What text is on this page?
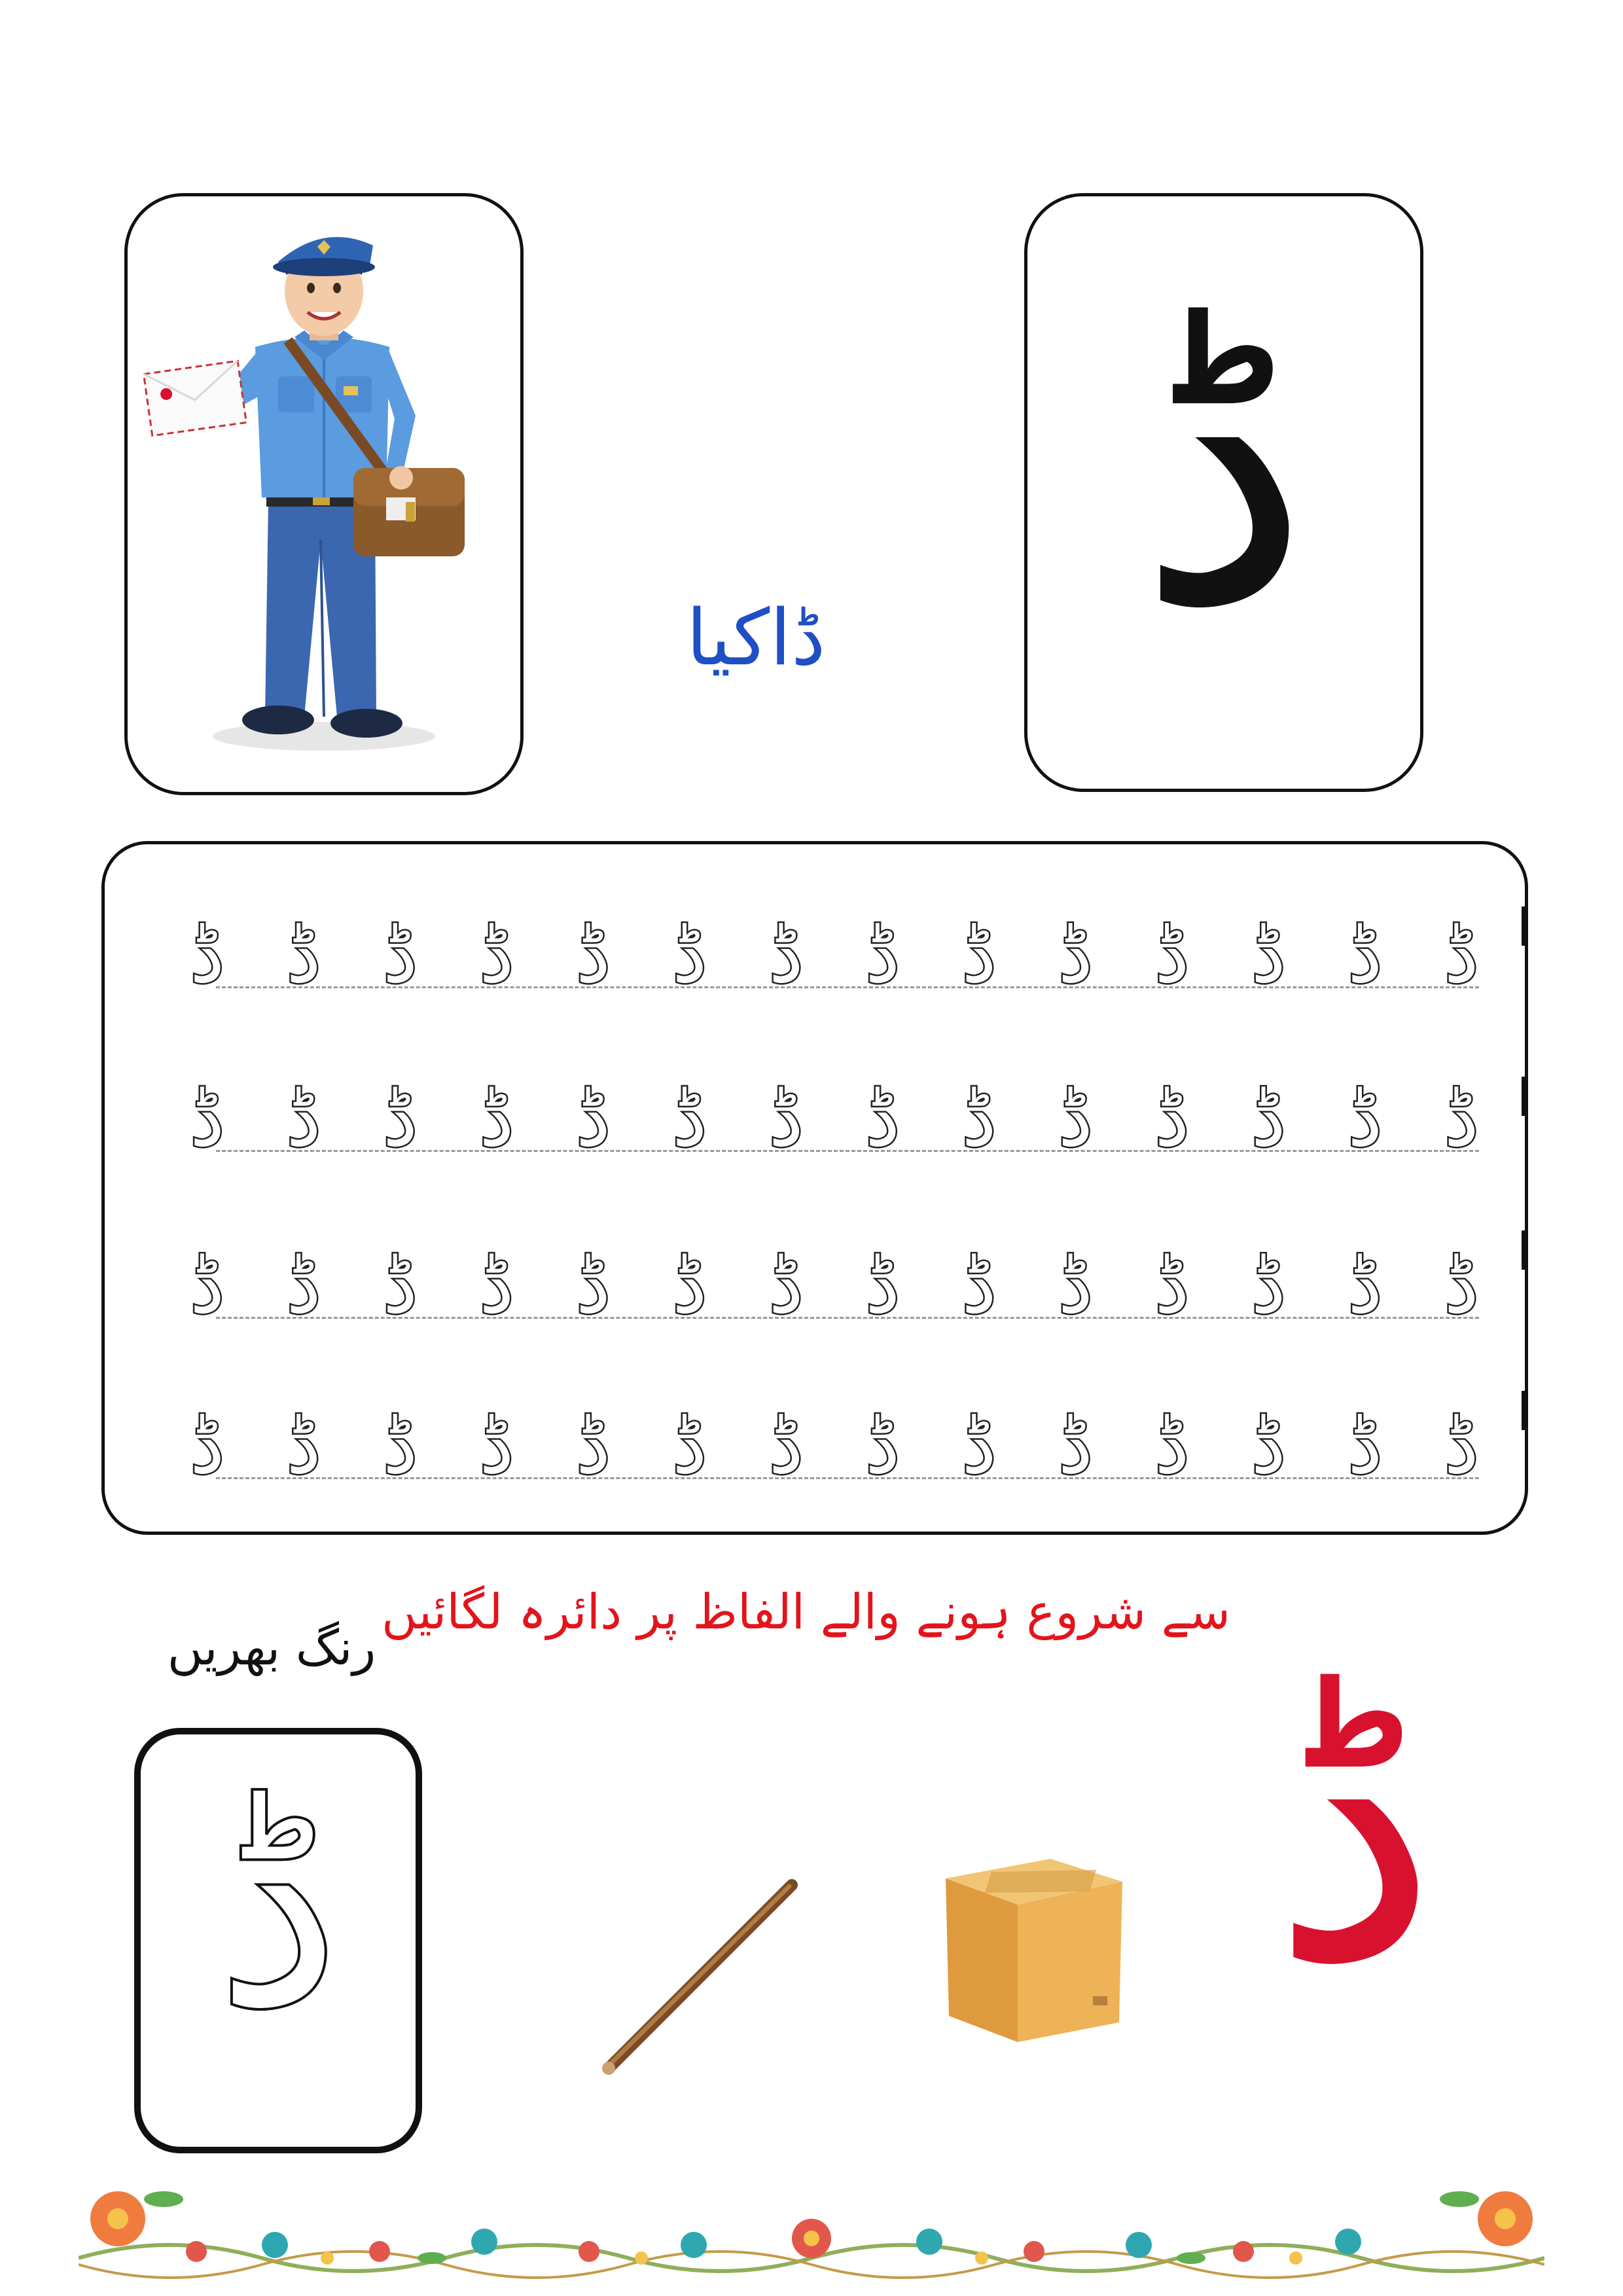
ڈ
ڈاکیا
ڈ ڈ ڈ ڈ ڈ ڈ ڈ ڈ ڈ ڈ ڈ ڈ ڈ ڈ
ڈ ڈ ڈ ڈ ڈ ڈ ڈ ڈ ڈ ڈ ڈ ڈ ڈ ڈ
ڈ ڈ ڈ ڈ ڈ ڈ ڈ ڈ ڈ ڈ ڈ ڈ ڈ ڈ
ڈ ڈ ڈ ڈ ڈ ڈ ڈ ڈ ڈ ڈ ڈ ڈ ڈ ڈ
سے شروع ہونے والے الفاظ پر دائرہ لگائیں
رنگ بھریں
ڈ ڈ
